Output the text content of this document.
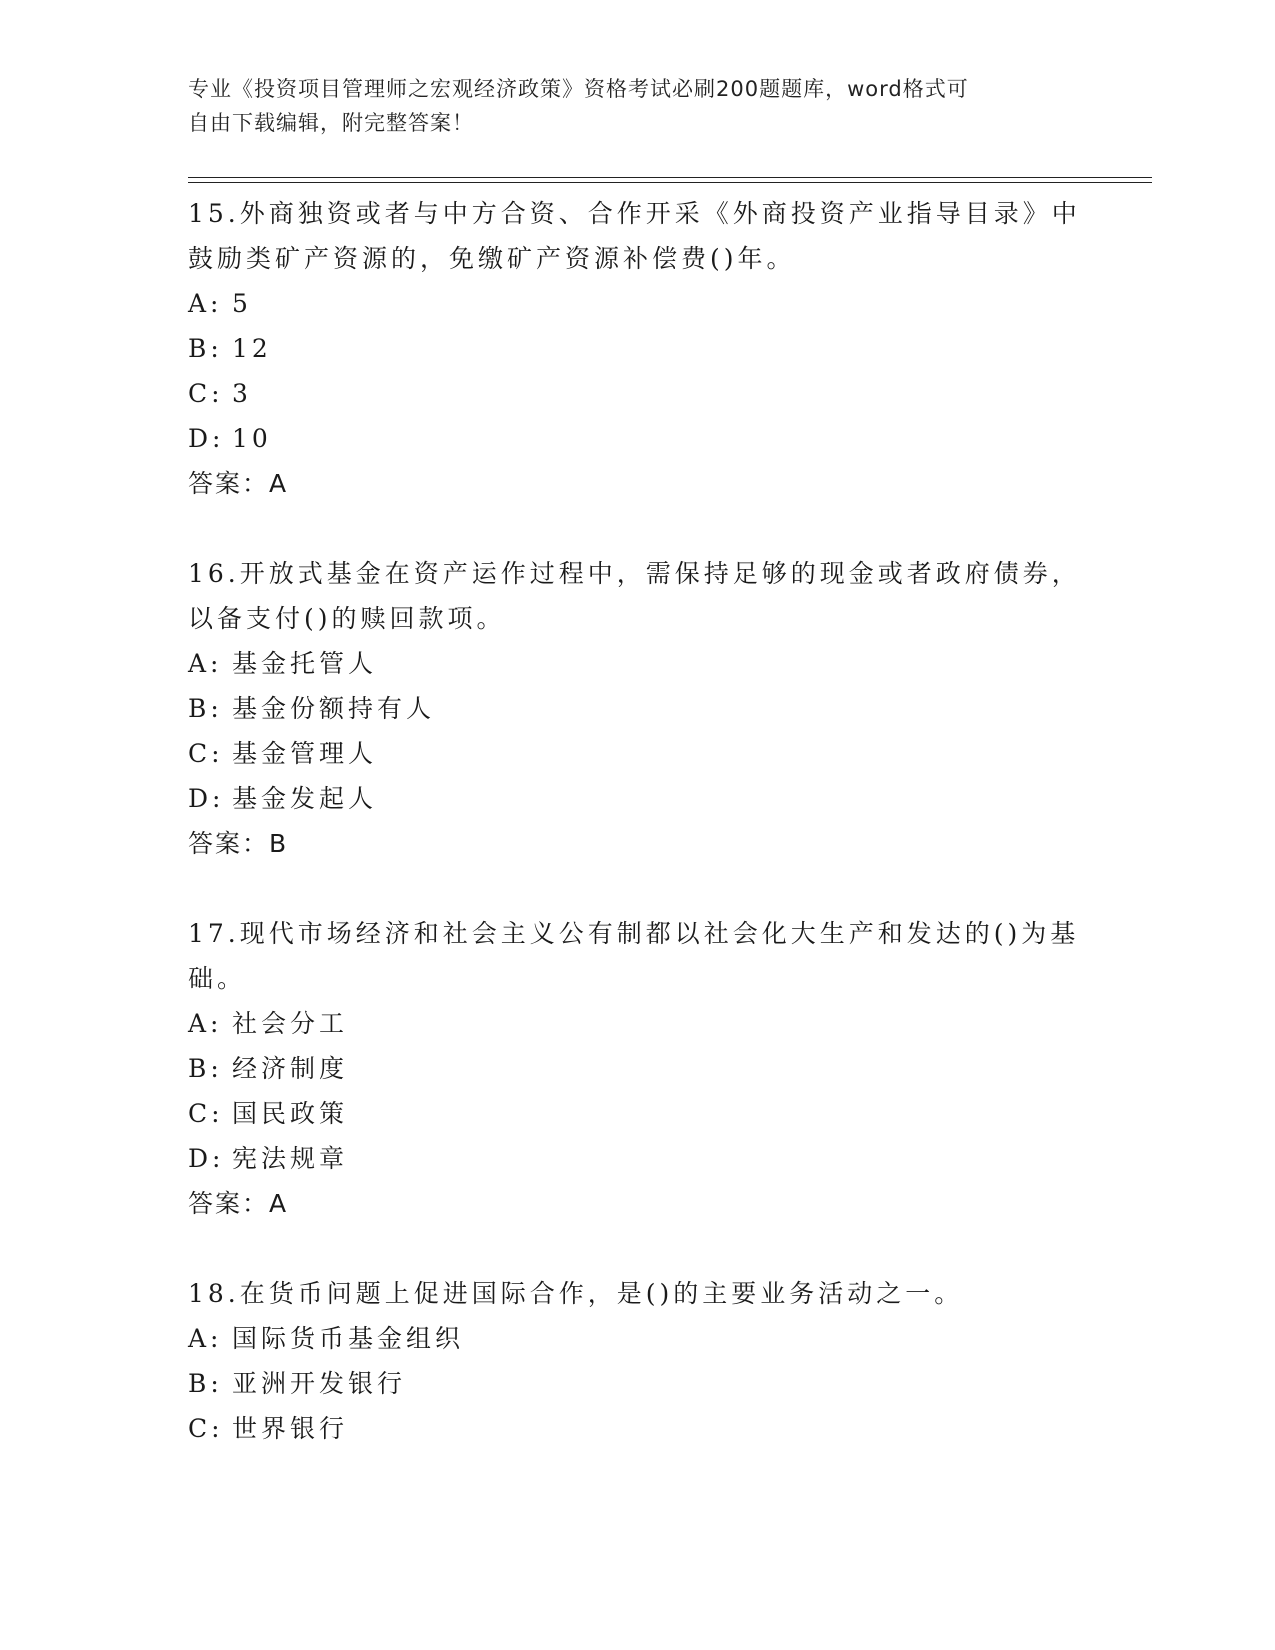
专业《投资项目管理师之宏观经济政策》资格考试必刷200题题库，word格式可
自由下载编辑，附完整答案！

15.外商独资或者与中方合资、合作开采《外商投资产业指导目录》中

鼓励类矿产资源的，免缴矿产资源补偿费()年。

A: 5

B: 12

C: 3

D: 10

答案：A

16.开放式基金在资产运作过程中，需保持足够的现金或者政府债券，

以备支付()的赎回款项。

A: 基金托管人

B: 基金份额持有人

C: 基金管理人

D: 基金发起人

答案：B

17.现代市场经济和社会主义公有制都以社会化大生产和发达的()为基

础。

A: 社会分工

B: 经济制度

C: 国民政策

D: 宪法规章

答案：A

18.在货币问题上促进国际合作，是()的主要业务活动之一。

A: 国际货币基金组织

B: 亚洲开发银行

C: 世界银行
